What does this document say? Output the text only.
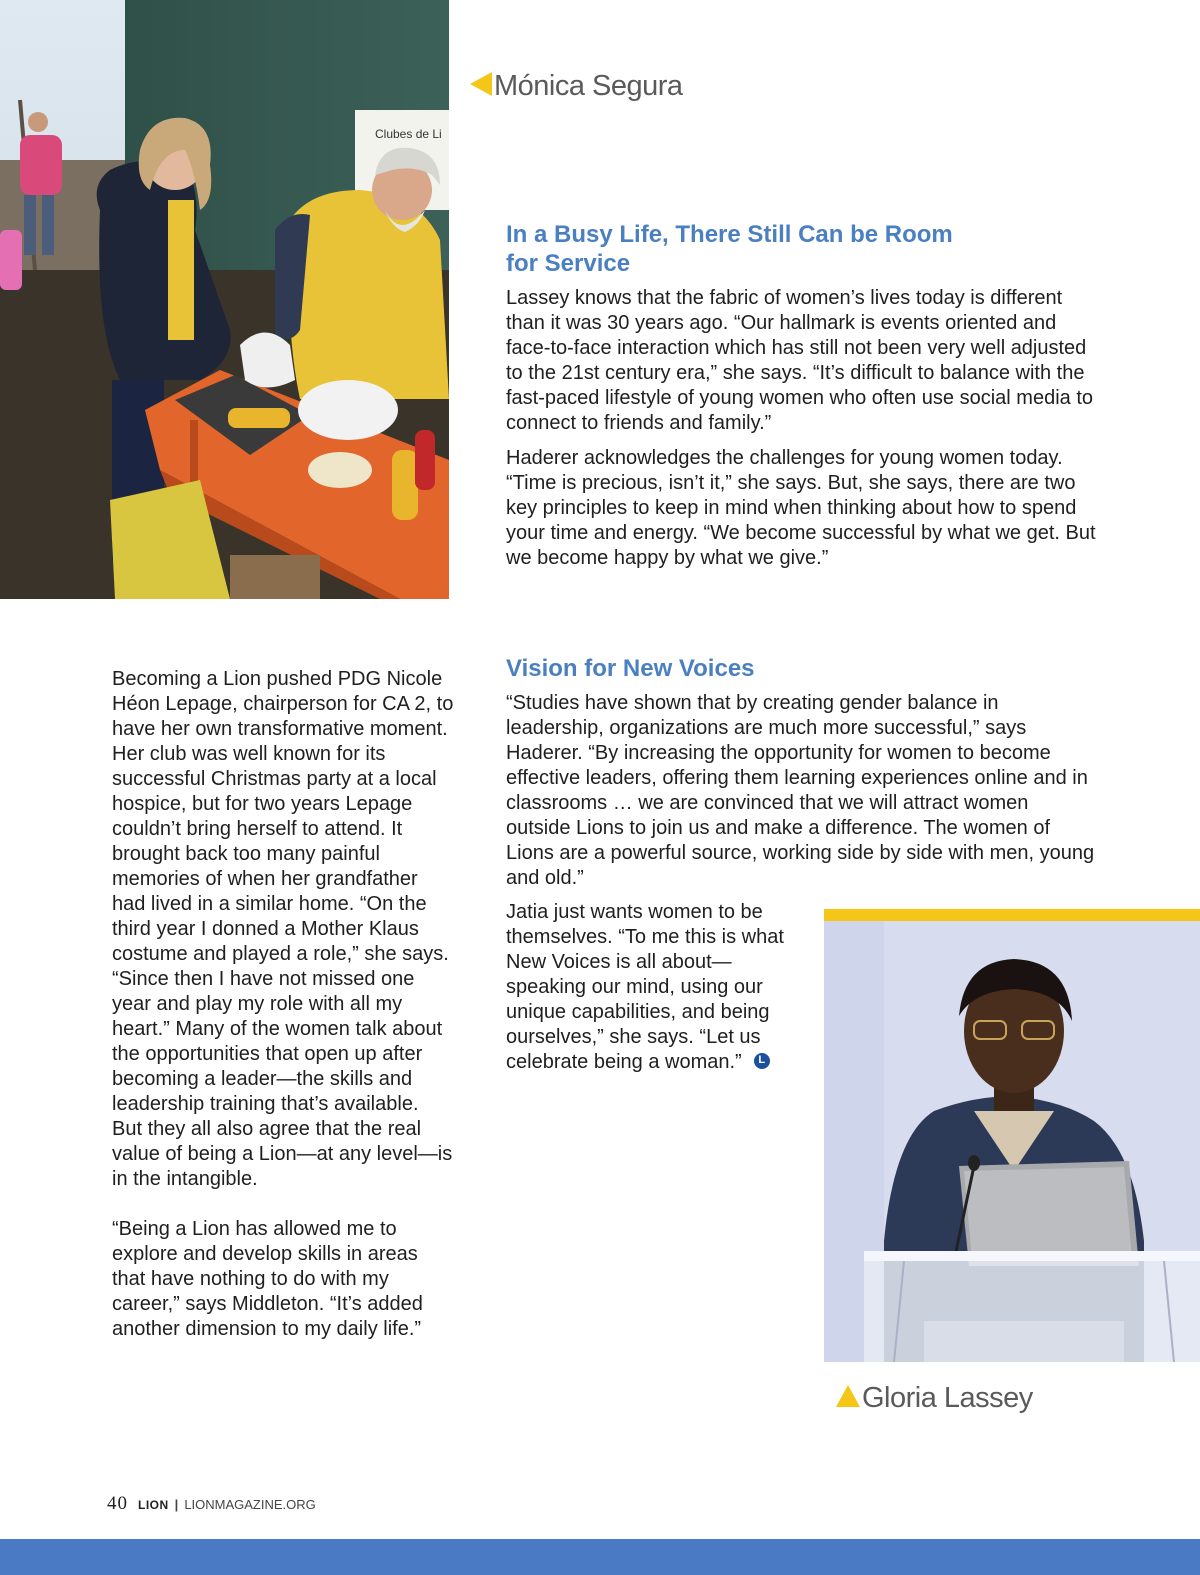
Clubes de Li
Mónica Segura
In a Busy Life, There Still Can be Room
for Service

Lassey knows that the fabric of women’s lives today is different than it was 30 years ago. “Our hallmark is events oriented and face-to-face interaction which has still not been very well adjusted to the 21st century era,” she says. “It’s difficult to balance with the fast-paced lifestyle of young women who often use social media to connect to friends and family.”

Haderer acknowledges the challenges for young women today. “Time is precious, isn’t it,” she says. But, she says, there are two key principles to keep in mind when thinking about how to spend your time and energy. “We become successful by what we get. But we become happy by what we give.”

Vision for New Voices

“Studies have shown that by creating gender balance in leadership, organizations are much more successful,” says Haderer. “By increasing the opportunity for women to become effective leaders, offering them learning experiences online and in classrooms … we are convinced that we will attract women outside Lions to join us and make a difference. The women of Lions are a powerful source, working side by side with men, young and old.”

Jatia just wants women to be themselves. “To me this is what New Voices is all about—speaking our mind, using our unique capabilities, and being ourselves,” she says. “Let us celebrate being a woman.” L

Becoming a Lion pushed PDG Nicole Héon Lepage, chairperson for CA 2, to have her own transformative moment. Her club was well known for its successful Christmas party at a local hospice, but for two years Lepage couldn’t bring herself to attend. It brought back too many painful memories of when her grandfather had lived in a similar home. “On the third year I donned a Mother Klaus costume and played a role,” she says. “Since then I have not missed one year and play my role with all my heart.” Many of the women talk about the opportunities that open up after becoming a leader—the skills and leadership training that’s available. But they all also agree that the real value of being a Lion—at any level—is in the intangible.

“Being a Lion has allowed me to explore and develop skills in areas that have nothing to do with my career,” says Middleton. “It’s added another dimension to my daily life.”

Gloria Lassey
40 LION | LIONMAGAZINE.ORG
